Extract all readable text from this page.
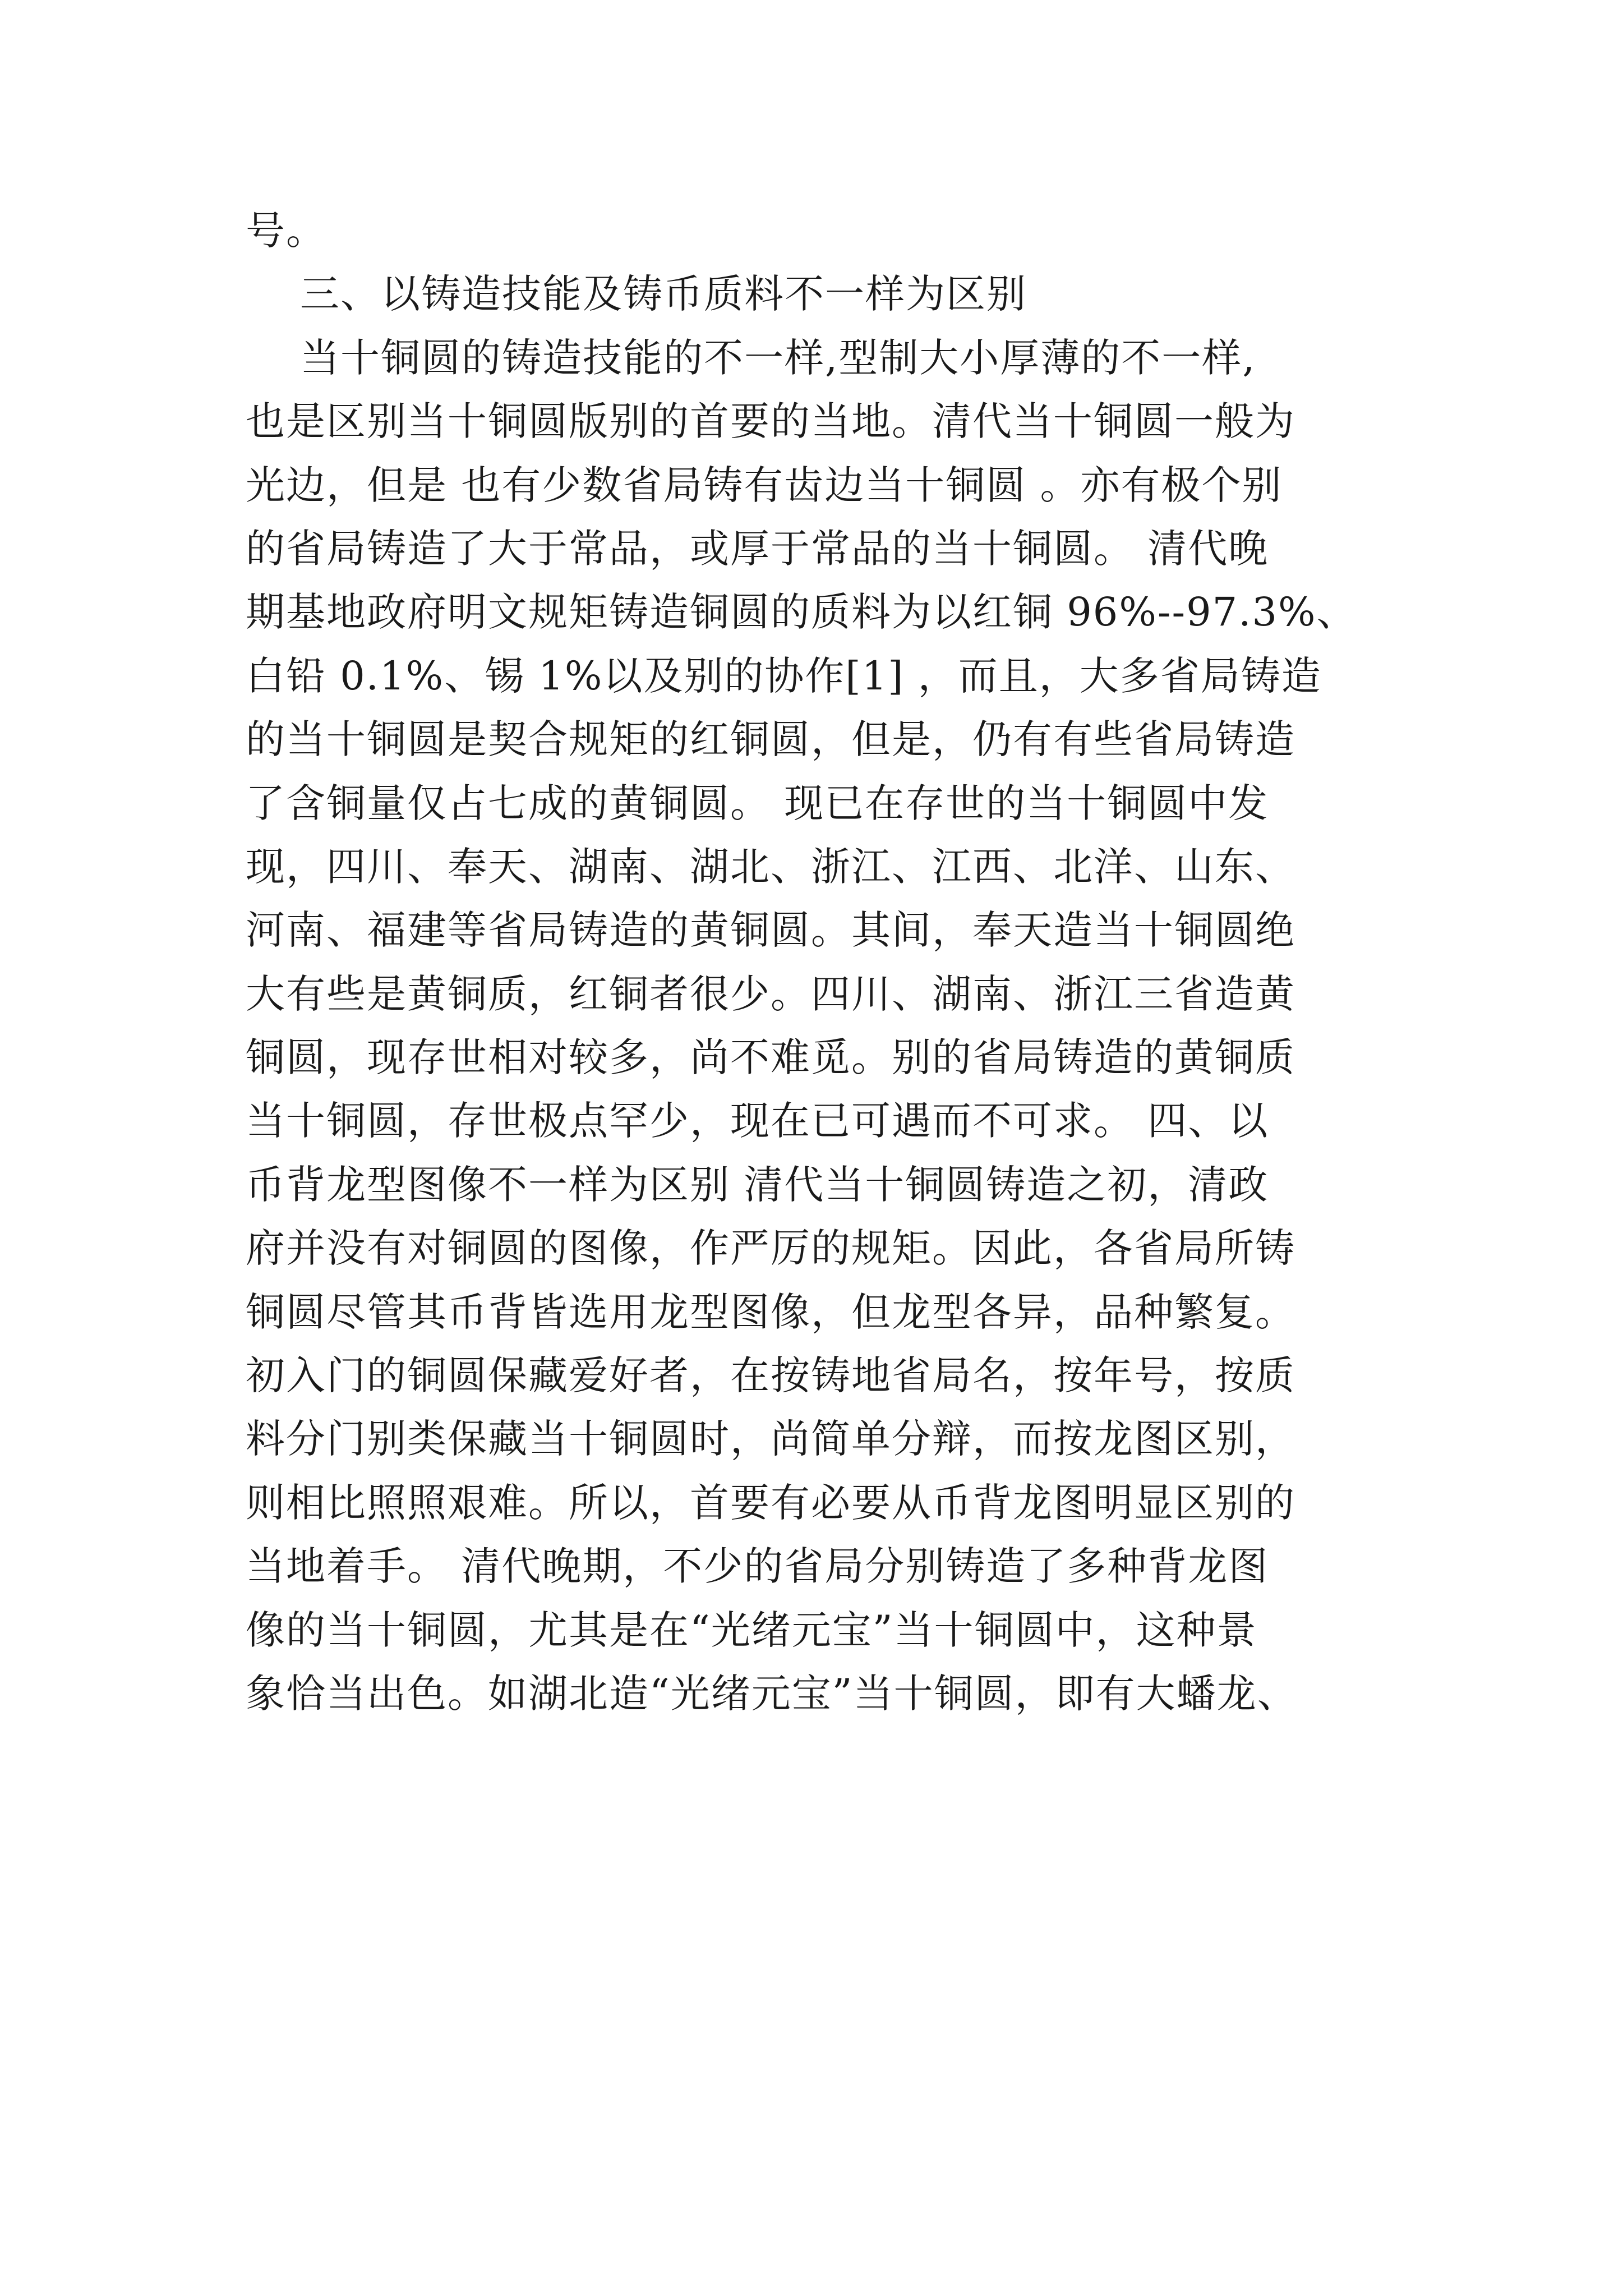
号。
三、以铸造技能及铸币质料不一样为区别
当十铜圆的铸造技能的不一样,型制大小厚薄的不一样,
也是区别当十铜圆版别的首要的当地。清代当十铜圆一般为
光边，但是 也有少数省局铸有齿边当十铜圆 。亦有极个别
的省局铸造了大于常品，或厚于常品的当十铜圆。 清代晚
期基地政府明文规矩铸造铜圆的质料为以红铜 96%--97.3%、
白铅 0.1%、锡 1%以及别的协作[1] ，而且，大多省局铸造
的当十铜圆是契合规矩的红铜圆，但是，仍有有些省局铸造
了含铜量仅占七成的黄铜圆。 现已在存世的当十铜圆中发
现，四川、奉天、湖南、湖北、浙江、江西、北洋、山东、
河南、福建等省局铸造的黄铜圆。其间，奉天造当十铜圆绝
大有些是黄铜质，红铜者很少。四川、湖南、浙江三省造黄
铜圆，现存世相对较多，尚不难觅。别的省局铸造的黄铜质
当十铜圆，存世极点罕少，现在已可遇而不可求。 四、以
币背龙型图像不一样为区别 清代当十铜圆铸造之初，清政
府并没有对铜圆的图像，作严厉的规矩。因此，各省局所铸
铜圆尽管其币背皆选用龙型图像，但龙型各异，品种繁复。
初入门的铜圆保藏爱好者，在按铸地省局名，按年号，按质
料分门别类保藏当十铜圆时，尚简单分辩，而按龙图区别，
则相比照照艰难。所以，首要有必要从币背龙图明显区别的
当地着手。 清代晚期，不少的省局分别铸造了多种背龙图
像的当十铜圆，尤其是在“光绪元宝”当十铜圆中，这种景
象恰当出色。如湖北造“光绪元宝”当十铜圆，即有大蟠龙、
